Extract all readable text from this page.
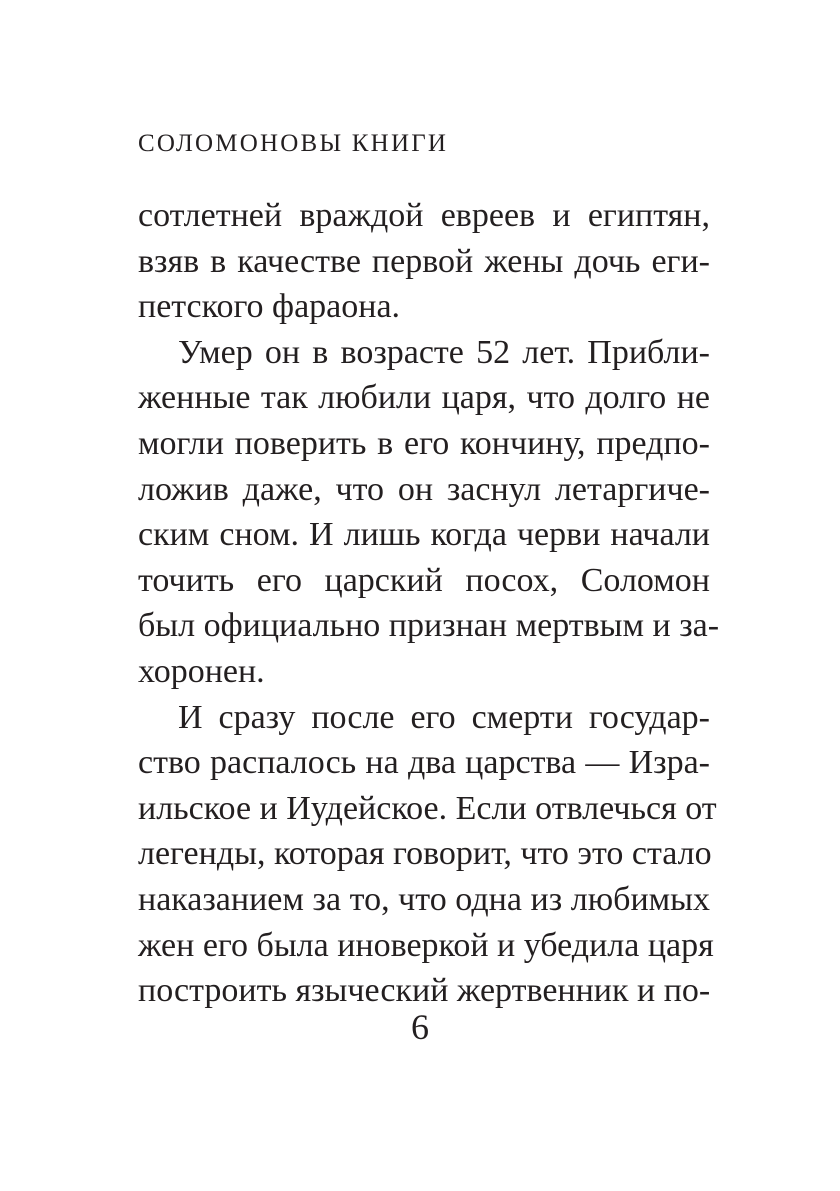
СОЛОМОНОВЫ КНИГИ
сотлетней враждой евреев и египтян,
взяв в качестве первой жены дочь еги-
петского фараона.
Умер он в возрасте 52 лет. Прибли-
женные так любили царя, что долго не
могли поверить в его кончину, предпо-
ложив даже, что он заснул летаргиче-
ским сном. И лишь когда черви начали
точить его царский посох, Соломон
был официально признан мертвым и за-
хоронен.
И сразу после его смерти государ-
ство распалось на два царства — Изра-
ильское и Иудейское. Если отвлечься от
легенды, которая говорит, что это стало
наказанием за то, что одна из любимых
жен его была иноверкой и убедила царя
построить языческий жертвенник и по-
6
